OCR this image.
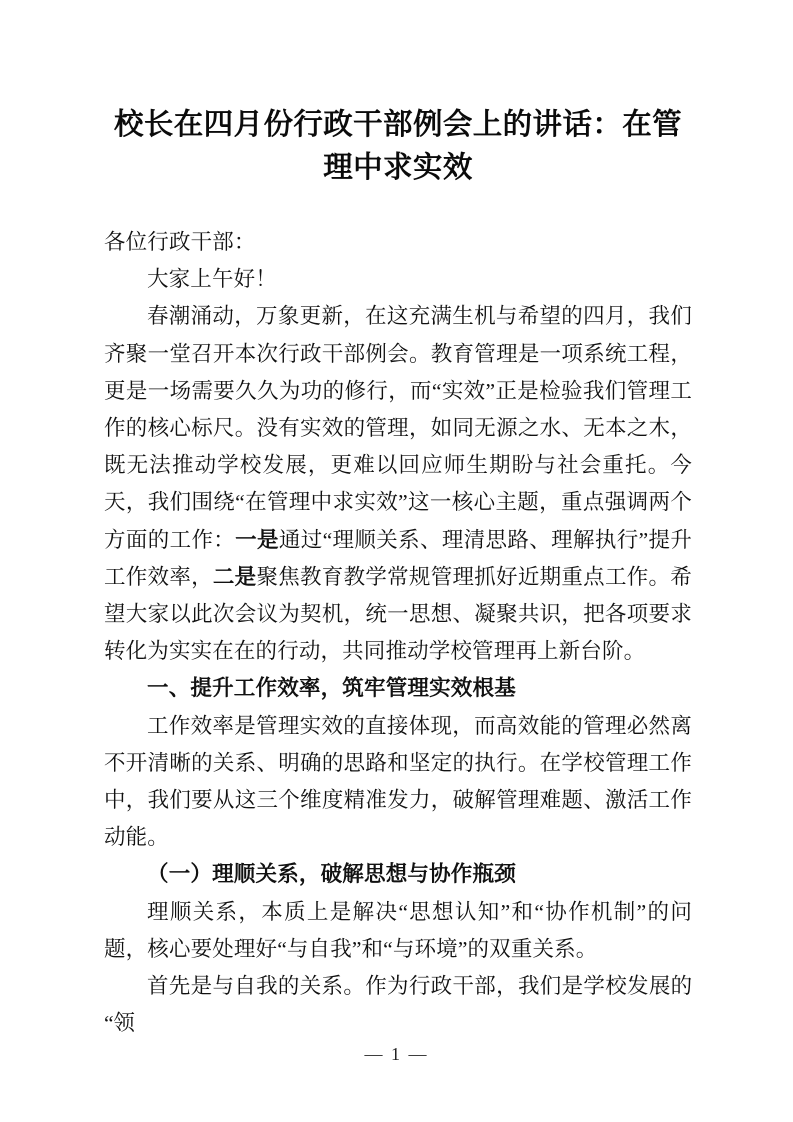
校长在四月份行政干部例会上的讲话：在管理中求实效

各位行政干部：

大家上午好！

春潮涌动，万象更新，在这充满生机与希望的四月，我们齐聚一堂召开本次行政干部例会。教育管理是一项系统工程，更是一场需要久久为功的修行，而“实效”正是检验我们管理工作的核心标尺。没有实效的管理，如同无源之水、无本之木，既无法推动学校发展，更难以回应师生期盼与社会重托。今天，我们围绕“在管理中求实效”这一核心主题，重点强调两个方面的工作：一是通过“理顺关系、理清思路、理解执行”提升工作效率，二是聚焦教育教学常规管理抓好近期重点工作。希望大家以此次会议为契机，统一思想、凝聚共识，把各项要求转化为实实在在的行动，共同推动学校管理再上新台阶。

一、提升工作效率，筑牢管理实效根基

工作效率是管理实效的直接体现，而高效能的管理必然离不开清晰的关系、明确的思路和坚定的执行。在学校管理工作中，我们要从这三个维度精准发力，破解管理难题、激活工作动能。

（一）理顺关系，破解思想与协作瓶颈

理顺关系，本质上是解决“思想认知”和“协作机制”的问题，核心要处理好“与自我”和“与环境”的双重关系。

首先是与自我的关系。作为行政干部，我们是学校发展的“领

— 1 —
